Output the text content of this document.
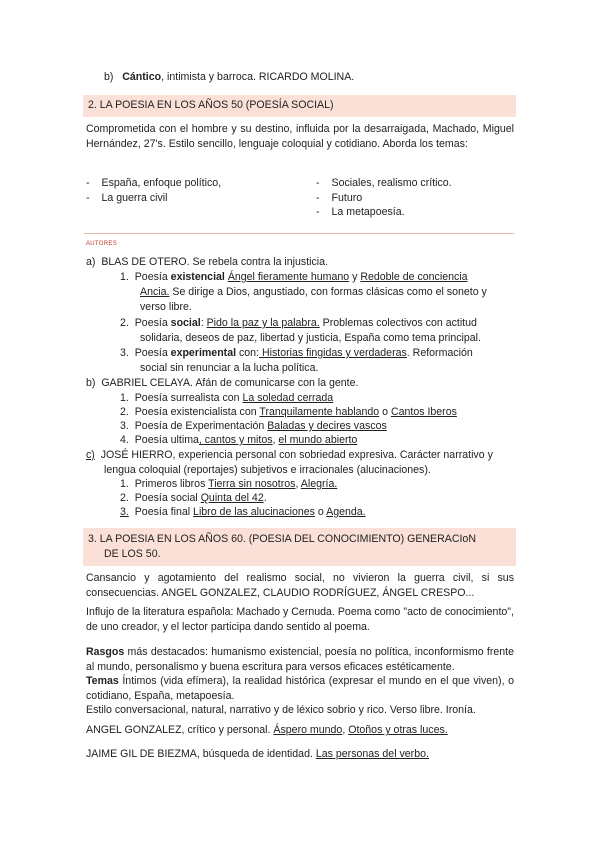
b) Cántico, intimista y barroca. RICARDO MOLINA.
2. LA POESIA EN LOS AÑOS 50 (POESÍA SOCIAL)
Comprometida con el hombre y su destino, influida por la desarraigada, Machado, Miguel Hernández, 27's. Estilo sencillo, lenguaje coloquial y cotidiano. Aborda los temas:
- España, enfoque político,
- La guerra civil
- Sociales, realismo crítico.
- Futuro
- La metapoesía.
AUTORES
a) BLAS DE OTERO. Se rebela contra la injusticia.
1. Poesía existencial Ángel fieramente humano y Redoble de conciencia
Ancia. Se dirige a Dios, angustiado, con formas clásicas como el soneto y
verso libre.
2. Poesía social: Pido la paz y la palabra. Problemas colectivos con actitud
solidaria, deseos de paz, libertad y justicia, España como tema principal.
3. Poesía experimental con: Historias fingidas y verdaderas. Reformación
social sin renunciar a la lucha política.
b) GABRIEL CELAYA. Afán de comunicarse con la gente.
1. Poesía surrealista con La soledad cerrada
2. Poesía existencialista con Tranquilamente hablando o Cantos Iberos
3. Poesía de Experimentación Baladas y decires vascos
4. Poesía ultima, cantos y mitos, el mundo abierto
c) JOSÉ HIERRO, experiencia personal con sobriedad expresiva. Carácter narrativo y
lengua coloquial (reportajes) subjetivos e irracionales (alucinaciones).
1. Primeros libros Tierra sin nosotros, Alegría.
2. Poesía social Quinta del 42.
3. Poesía final Libro de las alucinaciones o Agenda.
3. LA POESIA EN LOS AÑOS 60. (POESIA DEL CONOCIMIENTO) GENERACIoN
DE LOS 50.
Cansancio y agotamiento del realismo social, no vivieron la guerra civil, si sus consecuencias. ANGEL GONZALEZ, CLAUDIO RODRÍGUEZ, ÁNGEL CRESPO...
Influjo de la literatura española: Machado y Cernuda. Poema como "acto de conocimiento", de uno creador, y el lector participa dando sentido al poema.
Rasgos más destacados: humanismo existencial, poesía no política, inconformismo frente al mundo, personalismo y buena escritura para versos eficaces estéticamente.
Temas Íntimos (vida efímera), la realidad histórica (expresar el mundo en el que viven), o cotidiano, España, metapoesía.
Estilo conversacional, natural, narrativo y de léxico sobrio y rico. Verso libre. Ironía.
ANGEL GONZALEZ, crítico y personal. Áspero mundo, Otoños y otras luces.
JAIME GIL DE BIEZMA, búsqueda de identidad. Las personas del verbo.
